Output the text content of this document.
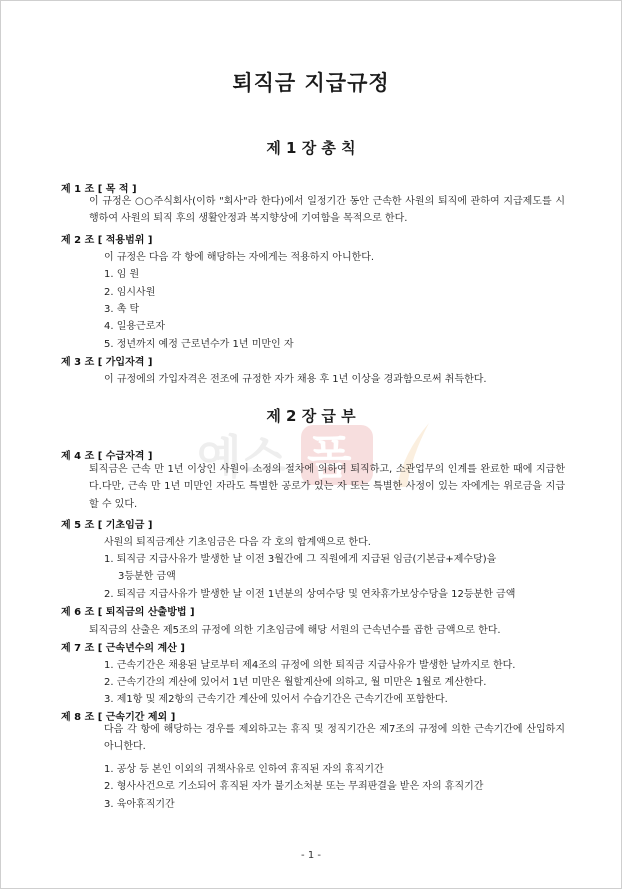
예스 폼
퇴직금 지급규정
제 1 장 총 칙
제 1 조 [ 목 적 ]
이 규정은 ○○주식회사(이하 "회사"라 한다)에서 일정기간 동안 근속한 사원의 퇴직에 관하여 지급제도를 시행하여 사원의 퇴직 후의 생활안정과 복지향상에 기여함을 목적으로 한다.
제 2 조 [ 적용범위 ]
이 규정은 다음 각 항에 해당하는 자에게는 적용하지 아니한다.
1. 임 원
2. 임시사원
3. 촉 탁
4. 일용근로자
5. 정년까지 예정 근로년수가 1년 미만인 자
제 3 조 [ 가입자격 ]
이 규정에의 가입자격은 전조에 규정한 자가 채용 후 1년 이상을 경과함으로써 취득한다.
제 2 장 급 부
제 4 조 [ 수급자격 ]
퇴직금은 근속 만 1년 이상인 사원이 소정의 절차에 의하여 퇴직하고, 소관업무의 인계를 완료한 때에 지급한다.다만, 근속 만 1년 미만인 자라도 특별한 공로가 있는 자 또는 특별한 사정이 있는 자에게는 위로금을 지급할 수 있다.
제 5 조 [ 기초임금 ]
사원의 퇴직금계산 기초임금은 다음 각 호의 합계액으로 한다.
1. 퇴직금 지급사유가 발생한 날 이전 3월간에 그 직원에게 지급된 임금(기본급+제수당)을
3등분한 금액
2. 퇴직금 지급사유가 발생한 날 이전 1년분의 상여수당 및 연차휴가보상수당을 12등분한 금액
제 6 조 [ 퇴직금의 산출방법 ]
퇴직금의 산출은 제5조의 규정에 의한 기초임금에 해당 서원의 근속년수를 곱한 금액으로 한다.
제 7 조 [ 근속년수의 계산 ]
1. 근속기간은 채용된 날로부터 제4조의 규정에 의한 퇴직금 지급사유가 발생한 날까지로 한다.
2. 근속기간의 계산에 있어서 1년 미만은 월할계산에 의하고, 월 미만은 1월로 계산한다.
3. 제1항 및 제2항의 근속기간 계산에 있어서 수습기간은 근속기간에 포함한다.
제 8 조 [ 근속기간 제외 ]
다음 각 항에 해당하는 경우를 제외하고는 휴직 및 정직기간은 제7조의 규정에 의한 근속기간에 산입하지 아니한다.
1. 공상 등 본인 이외의 귀책사유로 인하여 휴직된 자의 휴직기간
2. 형사사건으로 기소되어 휴직된 자가 불기소처분 또는 무죄판결을 받은 자의 휴직기간
3. 육아휴직기간
- 1 -
